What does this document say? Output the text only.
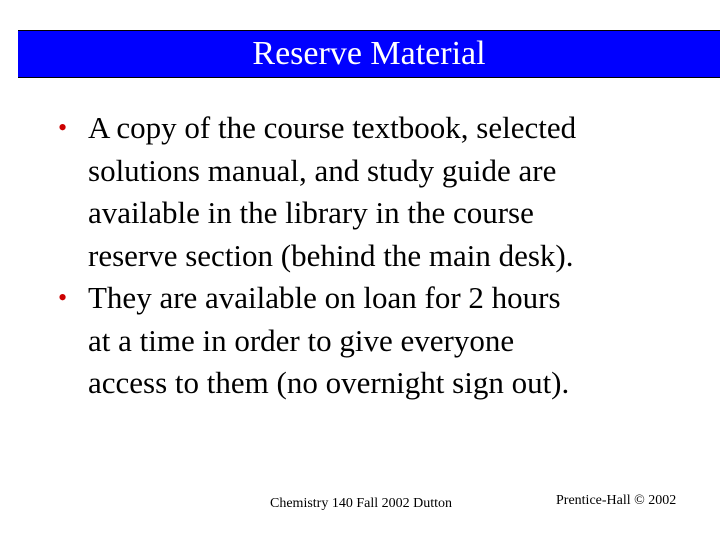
Reserve Material
• A copy of the course textbook, selected
solutions manual, and study guide are
available in the library in the course
reserve section (behind the main desk).
• They are available on loan for 2 hours
at a time in order to give everyone
access to them (no overnight sign out).
Chemistry 140 Fall 2002 Dutton	Prentice-Hall © 2002
